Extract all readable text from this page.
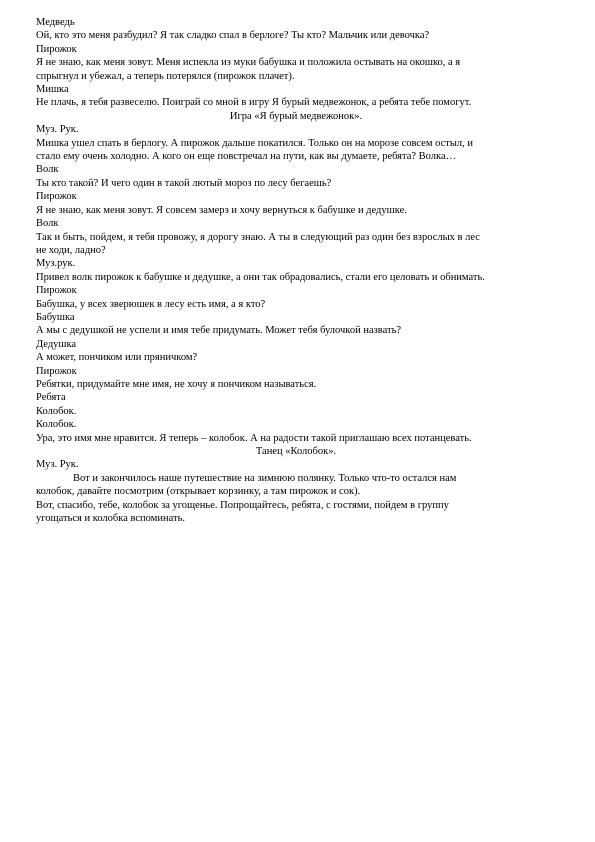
Медведь
Ой, кто это меня разбудил? Я так сладко спал в берлоге? Ты кто? Мальчик или девочка?
Пирожок
Я не знаю, как меня зовут. Меня испекла из муки бабушка и положила остывать на окошко, а я
спрыгнул и убежал, а теперь потерялся (пирожок плачет).
Мишка
Не плачь, я тебя развеселю. Поиграй со мной в игру Я бурый медвежонок, а ребята тебе помогут.
Игра «Я бурый медвежонок».
Муз. Рук.
Мишка ушел спать в берлогу. А пирожок дальше покатился. Только он на морозе совсем остыл, и
стало ему очень холодно. А кого он еще повстречал на пути, как вы думаете, ребята? Волка…
Волк
Ты кто такой? И чего один в такой лютый мороз по лесу бегаешь?
Пирожок
Я не знаю, как меня зовут. Я совсем замерз и хочу вернуться к бабушке и дедушке.
Волк
Так и быть, пойдем, я тебя провожу, я дорогу знаю. А ты в следующий раз один без взрослых в лес
не ходи, ладно?
Муз.рук.
Привел волк пирожок к бабушке и дедушке, а они так обрадовались, стали его целовать и обнимать.
Пирожок
Бабушка, у всех зверюшек в лесу есть имя, а я кто?
Бабушка
А мы с дедушкой не успели и имя тебе придумать. Может тебя булочкой назвать?
Дедушка
А может, пончиком или пряничком?
Пирожок
Ребятки, придумайте мне имя, не хочу я пончиком называться.
Ребята
Колобок.
Колобок.
Ура, это имя мне нравится. Я теперь – колобок. А на радости такой приглашаю всех потанцевать.
Танец «Колобок».
Муз. Рук.
Вот и закончилось наше путешествие на зимнюю полянку. Только что-то остался нам
колобок, давайте посмотрим (открывает корзинку, а там пирожок и сок).
Вот, спасибо, тебе, колобок за угощенье. Попрощайтесь, ребята, с гостями, пойдем в группу
угощаться и колобка вспоминать.
